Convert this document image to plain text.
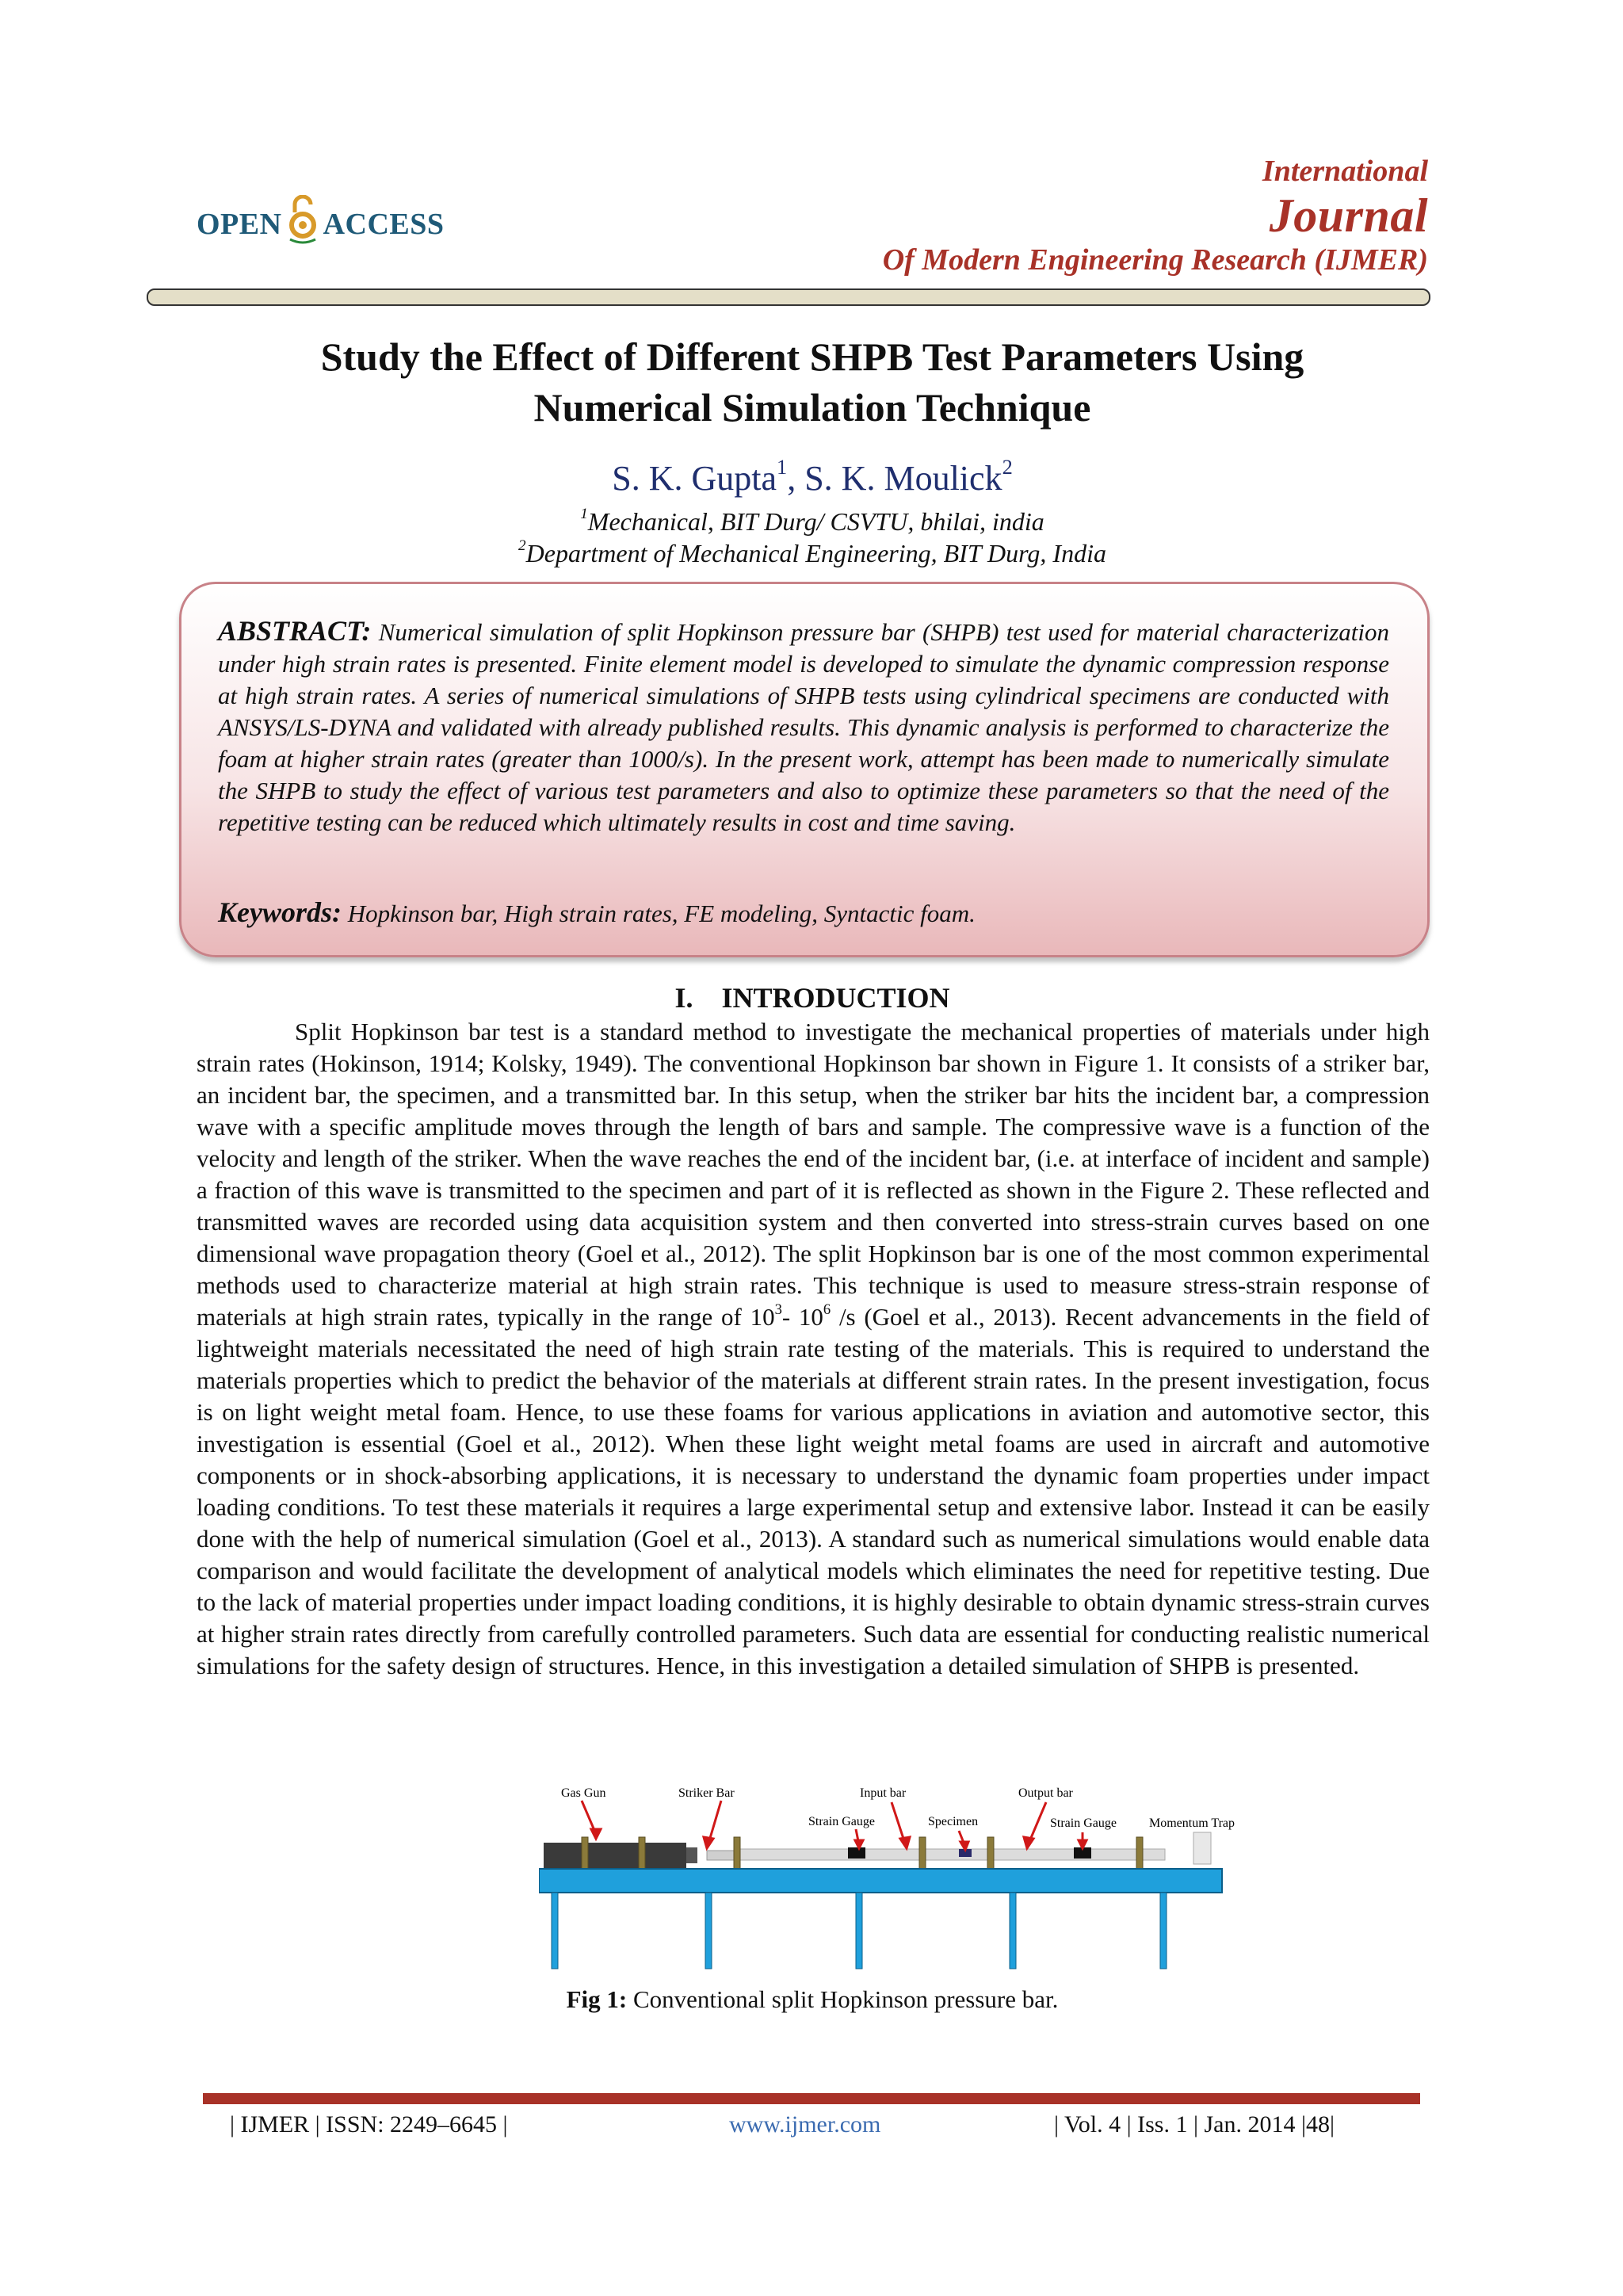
OPEN ACCESS
International
Journal
Of Modern Engineering Research (IJMER)
Study the Effect of Different SHPB Test Parameters Using
Numerical Simulation Technique
S. K. Gupta$^1$, S. K. Moulick$^2$
$^1$Mechanical, BIT Durg/ CSVTU, bhilai, india
$^2$Department of Mechanical Engineering, BIT Durg, India
ABSTRACT: Numerical simulation of split Hopkinson pressure bar (SHPB) test used for material characterization under high strain rates is presented. Finite element model is developed to simulate the dynamic compression response at high strain rates. A series of numerical simulations of SHPB tests using cylindrical specimens are conducted with ANSYS/LS-DYNA and validated with already published results. This dynamic analysis is performed to characterize the foam at higher strain rates (greater than 1000/s). In the present work, attempt has been made to numerically simulate the SHPB to study the effect of various test parameters and also to optimize these parameters so that the need of the repetitive testing can be reduced which ultimately results in cost and time saving.
Keywords: Hopkinson bar, High strain rates, FE modeling, Syntactic foam.
I.    INTRODUCTION
Split Hopkinson bar test is a standard method to investigate the mechanical properties of materials under high strain rates (Hokinson, 1914; Kolsky, 1949). The conventional Hopkinson bar shown in Figure 1. It consists of a striker bar, an incident bar, the specimen, and a transmitted bar. In this setup, when the striker bar hits the incident bar, a compression wave with a specific amplitude moves through the length of bars and sample. The compressive wave is a function of the velocity and length of the striker. When the wave reaches the end of the incident bar, (i.e. at interface of incident and sample) a fraction of this wave is transmitted to the specimen and part of it is reflected as shown in the Figure 2. These reflected and transmitted waves are recorded using data acquisition system and then converted into stress-strain curves based on one dimensional wave propagation theory (Goel et al., 2012). The split Hopkinson bar is one of the most common experimental methods used to characterize material at high strain rates. This technique is used to measure stress-strain response of materials at high strain rates, typically in the range of $10^3-$ $10^6$ /s (Goel et al., 2013). Recent advancements in the field of lightweight materials necessitated the need of high strain rate testing of the materials. This is required to understand the materials properties which to predict the behavior of the materials at different strain rates. In the present investigation, focus is on light weight metal foam. Hence, to use these foams for various applications in aviation and automotive sector, this investigation is essential (Goel et al., 2012). When these light weight metal foams are used in aircraft and automotive components or in shock-absorbing applications, it is necessary to understand the dynamic foam properties under impact loading conditions. To test these materials it requires a large experimental setup and extensive labor. Instead it can be easily done with the help of numerical simulation (Goel et al., 2013). A standard such as numerical simulations would enable data comparison and would facilitate the development of analytical models which eliminates the need for repetitive testing. Due to the lack of material properties under impact loading conditions, it is highly desirable to obtain dynamic stress-strain curves at higher strain rates directly from carefully controlled parameters. Such data are essential for conducting realistic numerical simulations for the safety design of structures. Hence, in this investigation a detailed simulation of SHPB is presented.
Gas Gun	Striker Bar	Input bar	Output bar
Strain Gauge	Specimen	Strain Gauge	Momentum Trap
Fig 1: Conventional split Hopkinson pressure bar.
| IJMER | ISSN: 2249–6645 |	www.ijmer.com	| Vol. 4 | Iss. 1 | Jan. 2014 |48|
